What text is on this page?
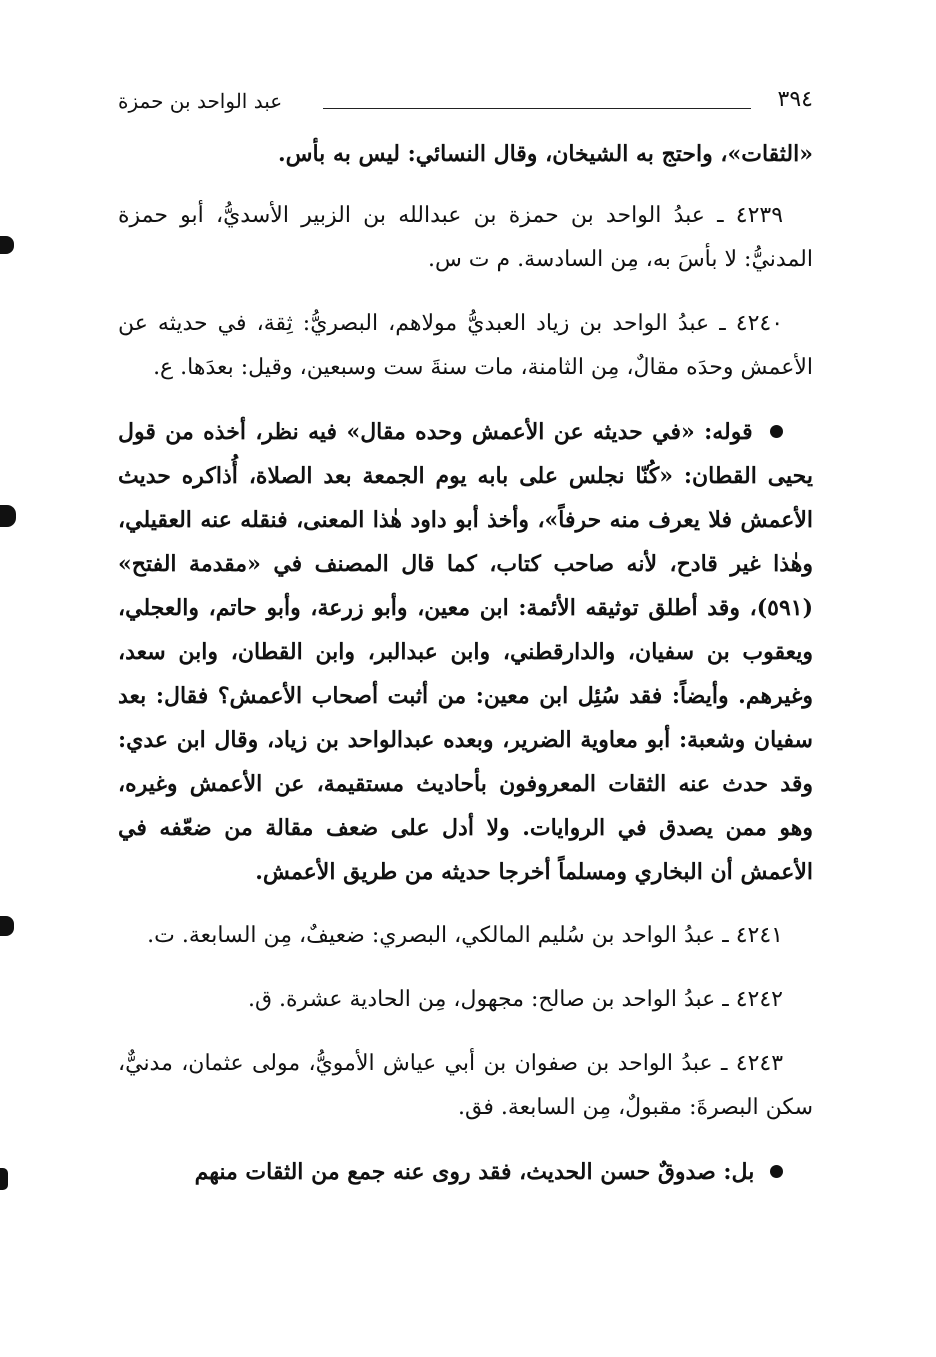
٣٩٤
عبد الواحد بن حمزة

«الثقات»، واحتج به الشيخان، وقال النسائي: ليس به بأس.

٤٢٣٩ ـ عبدُ الواحد بن حمزة بن عبدالله بن الزبير الأسديُّ، أبو حمزة المدنيُّ: لا بأسَ به، مِن السادسة. م ت س.

٤٢٤٠ ـ عبدُ الواحد بن زياد العبديُّ مولاهم، البصريُّ: ثِقة، في حديثه عن الأعمش وحدَه مقالٌ، مِن الثامنة، مات سنةَ ست وسبعين، وقيل: بعدَها. ع.

قوله: «في حديثه عن الأعمش وحده مقال» فيه نظر، أخذه من قول يحيى القطان: «كُنّا نجلس على بابه يوم الجمعة بعد الصلاة، أُذاكره حديث الأعمش فلا يعرف منه حرفاً»، وأخذ أبو داود هٰذا المعنى، فنقله عنه العقيلي، وهٰذا غير قادح، لأنه صاحب كتاب، كما قال المصنف في «مقدمة الفتح» (٥٩١)، وقد أطلق توثيقه الأئمة: ابن معين، وأبو زرعة، وأبو حاتم، والعجلي، ويعقوب بن سفيان، والدارقطني، وابن عبدالبر، وابن القطان، وابن سعد، وغيرهم. وأيضاً: فقد سُئِل ابن معين: من أثبت أصحاب الأعمش؟ فقال: بعد سفيان وشعبة: أبو معاوية الضرير، وبعده عبدالواحد بن زياد، وقال ابن عدي: وقد حدث عنه الثقات المعروفون بأحاديث مستقيمة، عن الأعمش وغيره، وهو ممن يصدق في الروايات. ولا أدل على ضعف مقالة من ضعّفه في الأعمش أن البخاري ومسلماً أخرجا حديثه من طريق الأعمش.

٤٢٤١ ـ عبدُ الواحد بن سُليم المالكي، البصري: ضعيفٌ، مِن السابعة. ت.

٤٢٤٢ ـ عبدُ الواحد بن صالح: مجهول، مِن الحادية عشرة. ق.

٤٢٤٣ ـ عبدُ الواحد بن صفوان بن أبي عياش الأمويُّ، مولى عثمان، مدنيٌّ، سكن البصرةَ: مقبولٌ، مِن السابعة. فق.

بل: صدوقٌ حسن الحديث، فقد روى عنه جمع من الثقات منهم
